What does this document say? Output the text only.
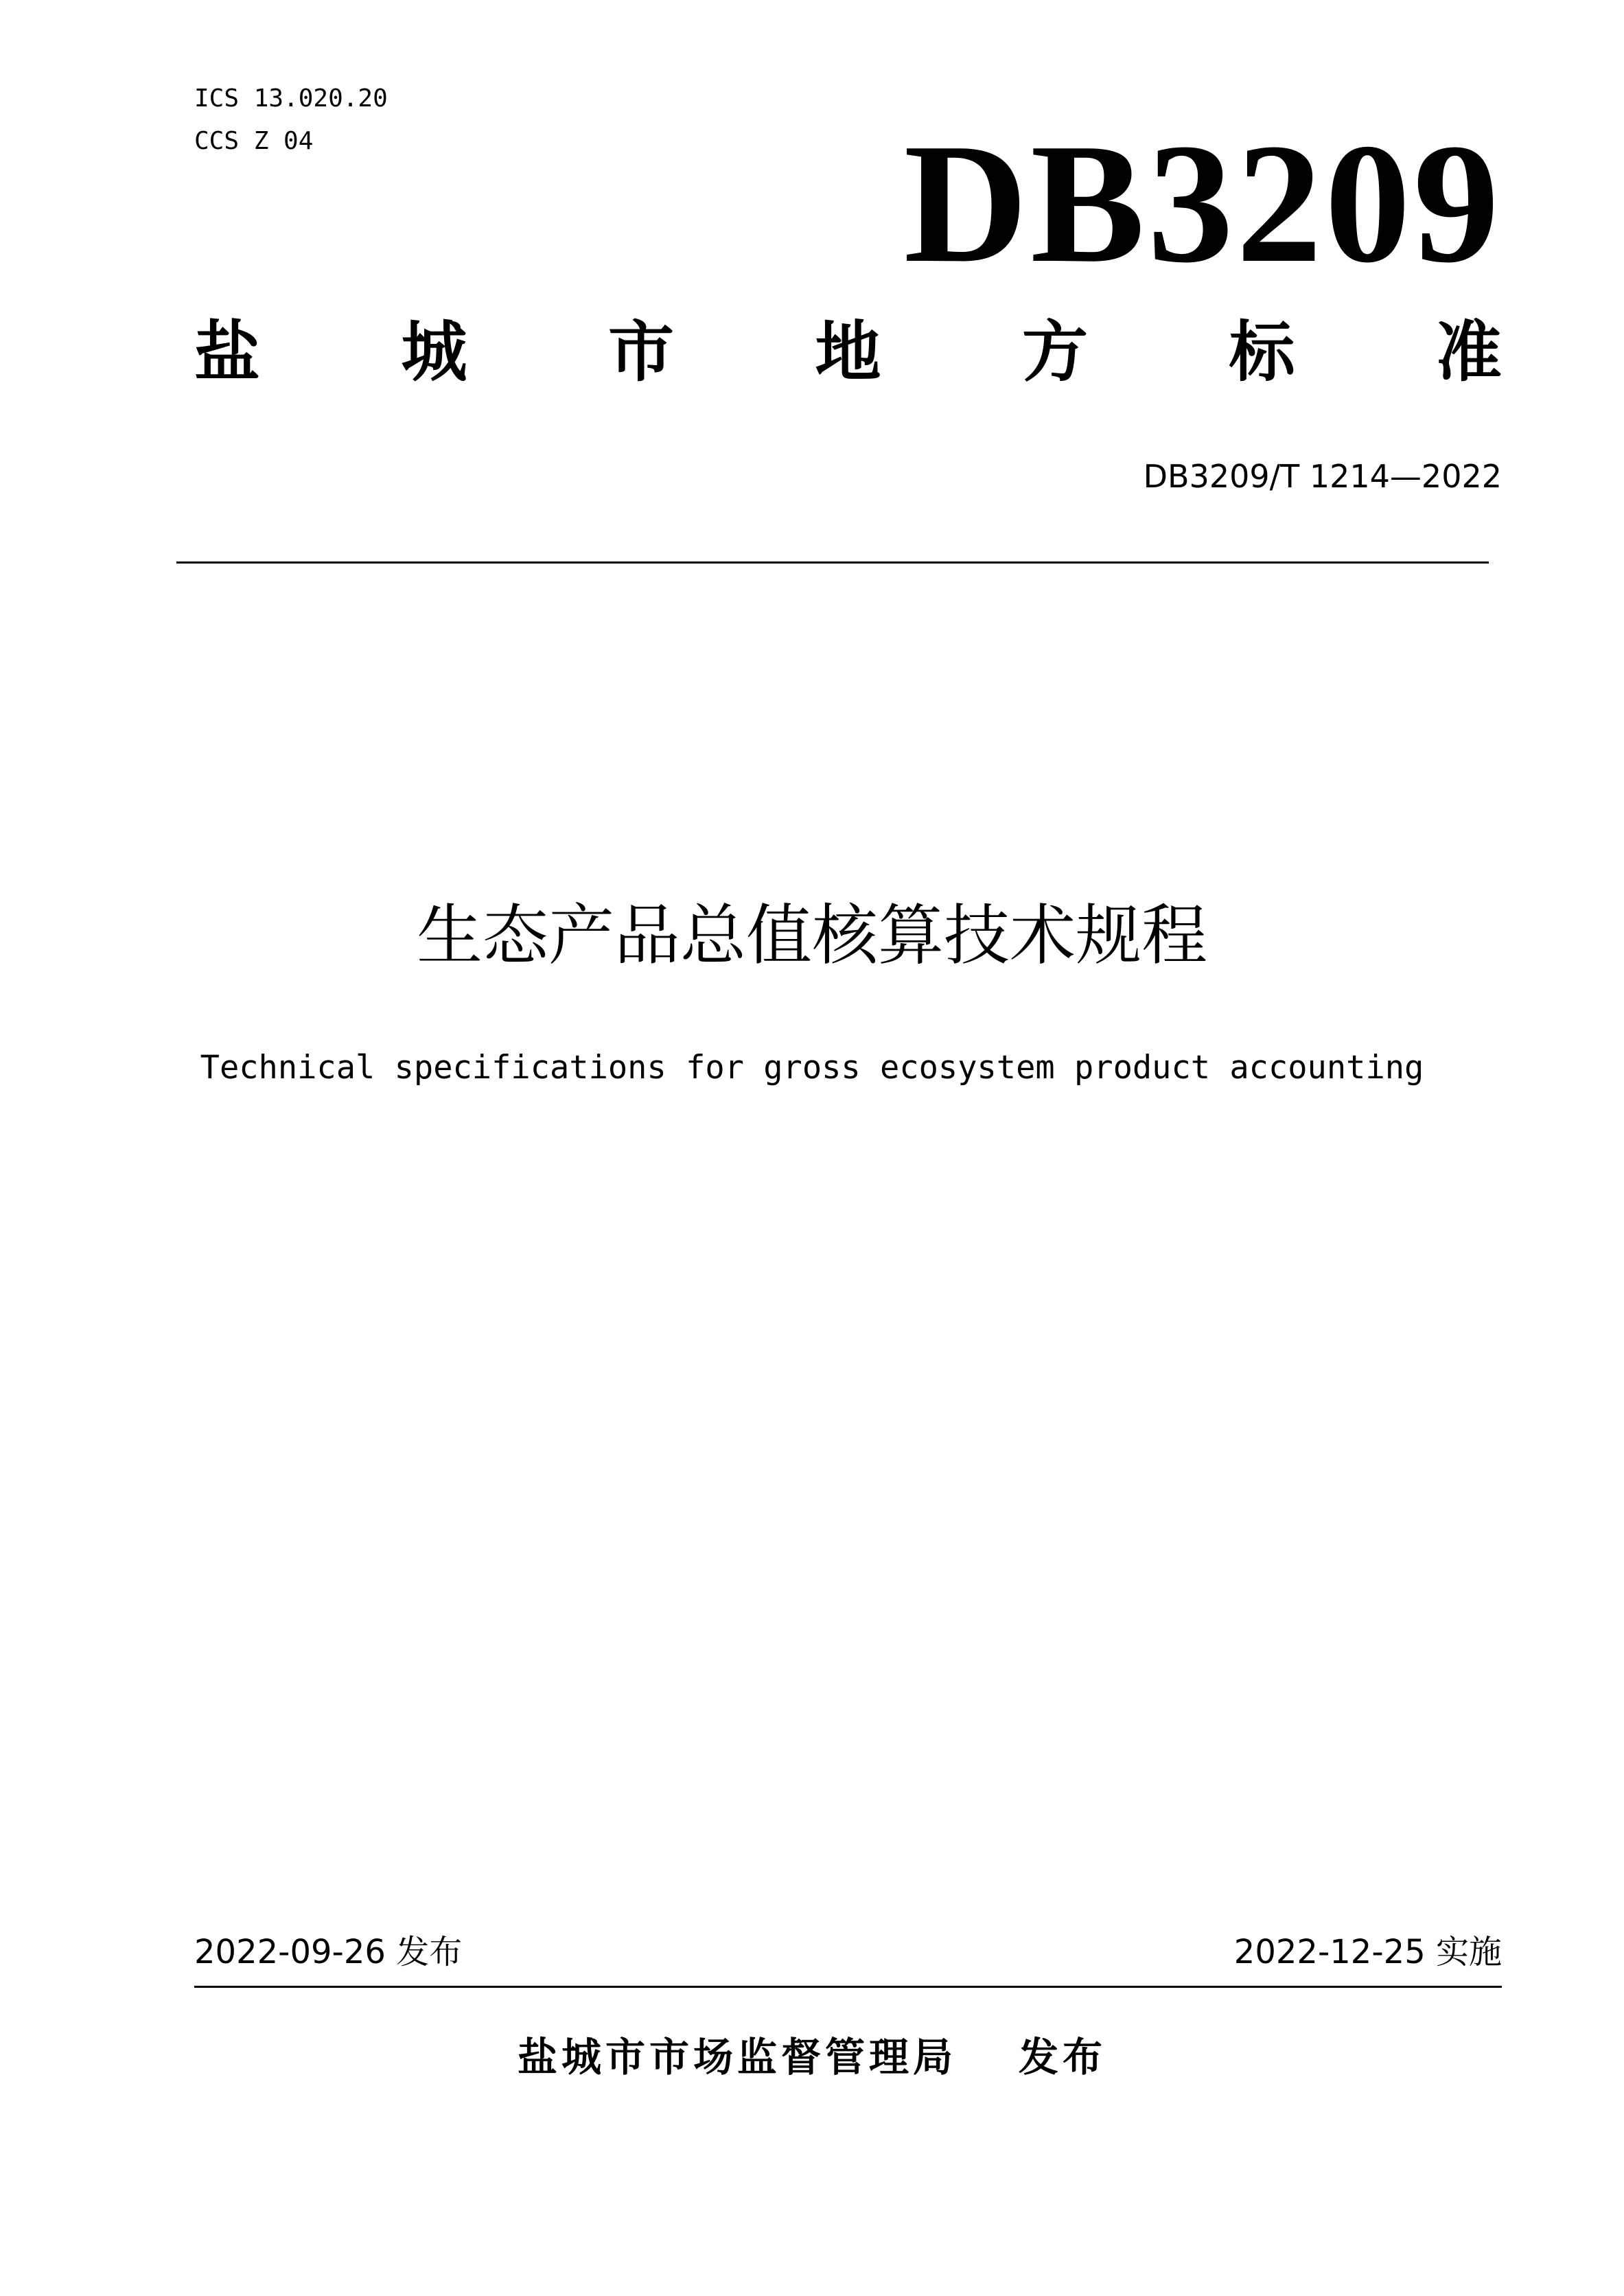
ICS 13.020.20
CCS Z 04	DB3209
盐 城 市 地 方 标 准
DB3209/T 1214—2022
生态产品总值核算技术规程
Technical specifications for gross ecosystem product accounting
2022-09-26 发布	2022-12-25 实施
盐城市市场监督管理局 发布
